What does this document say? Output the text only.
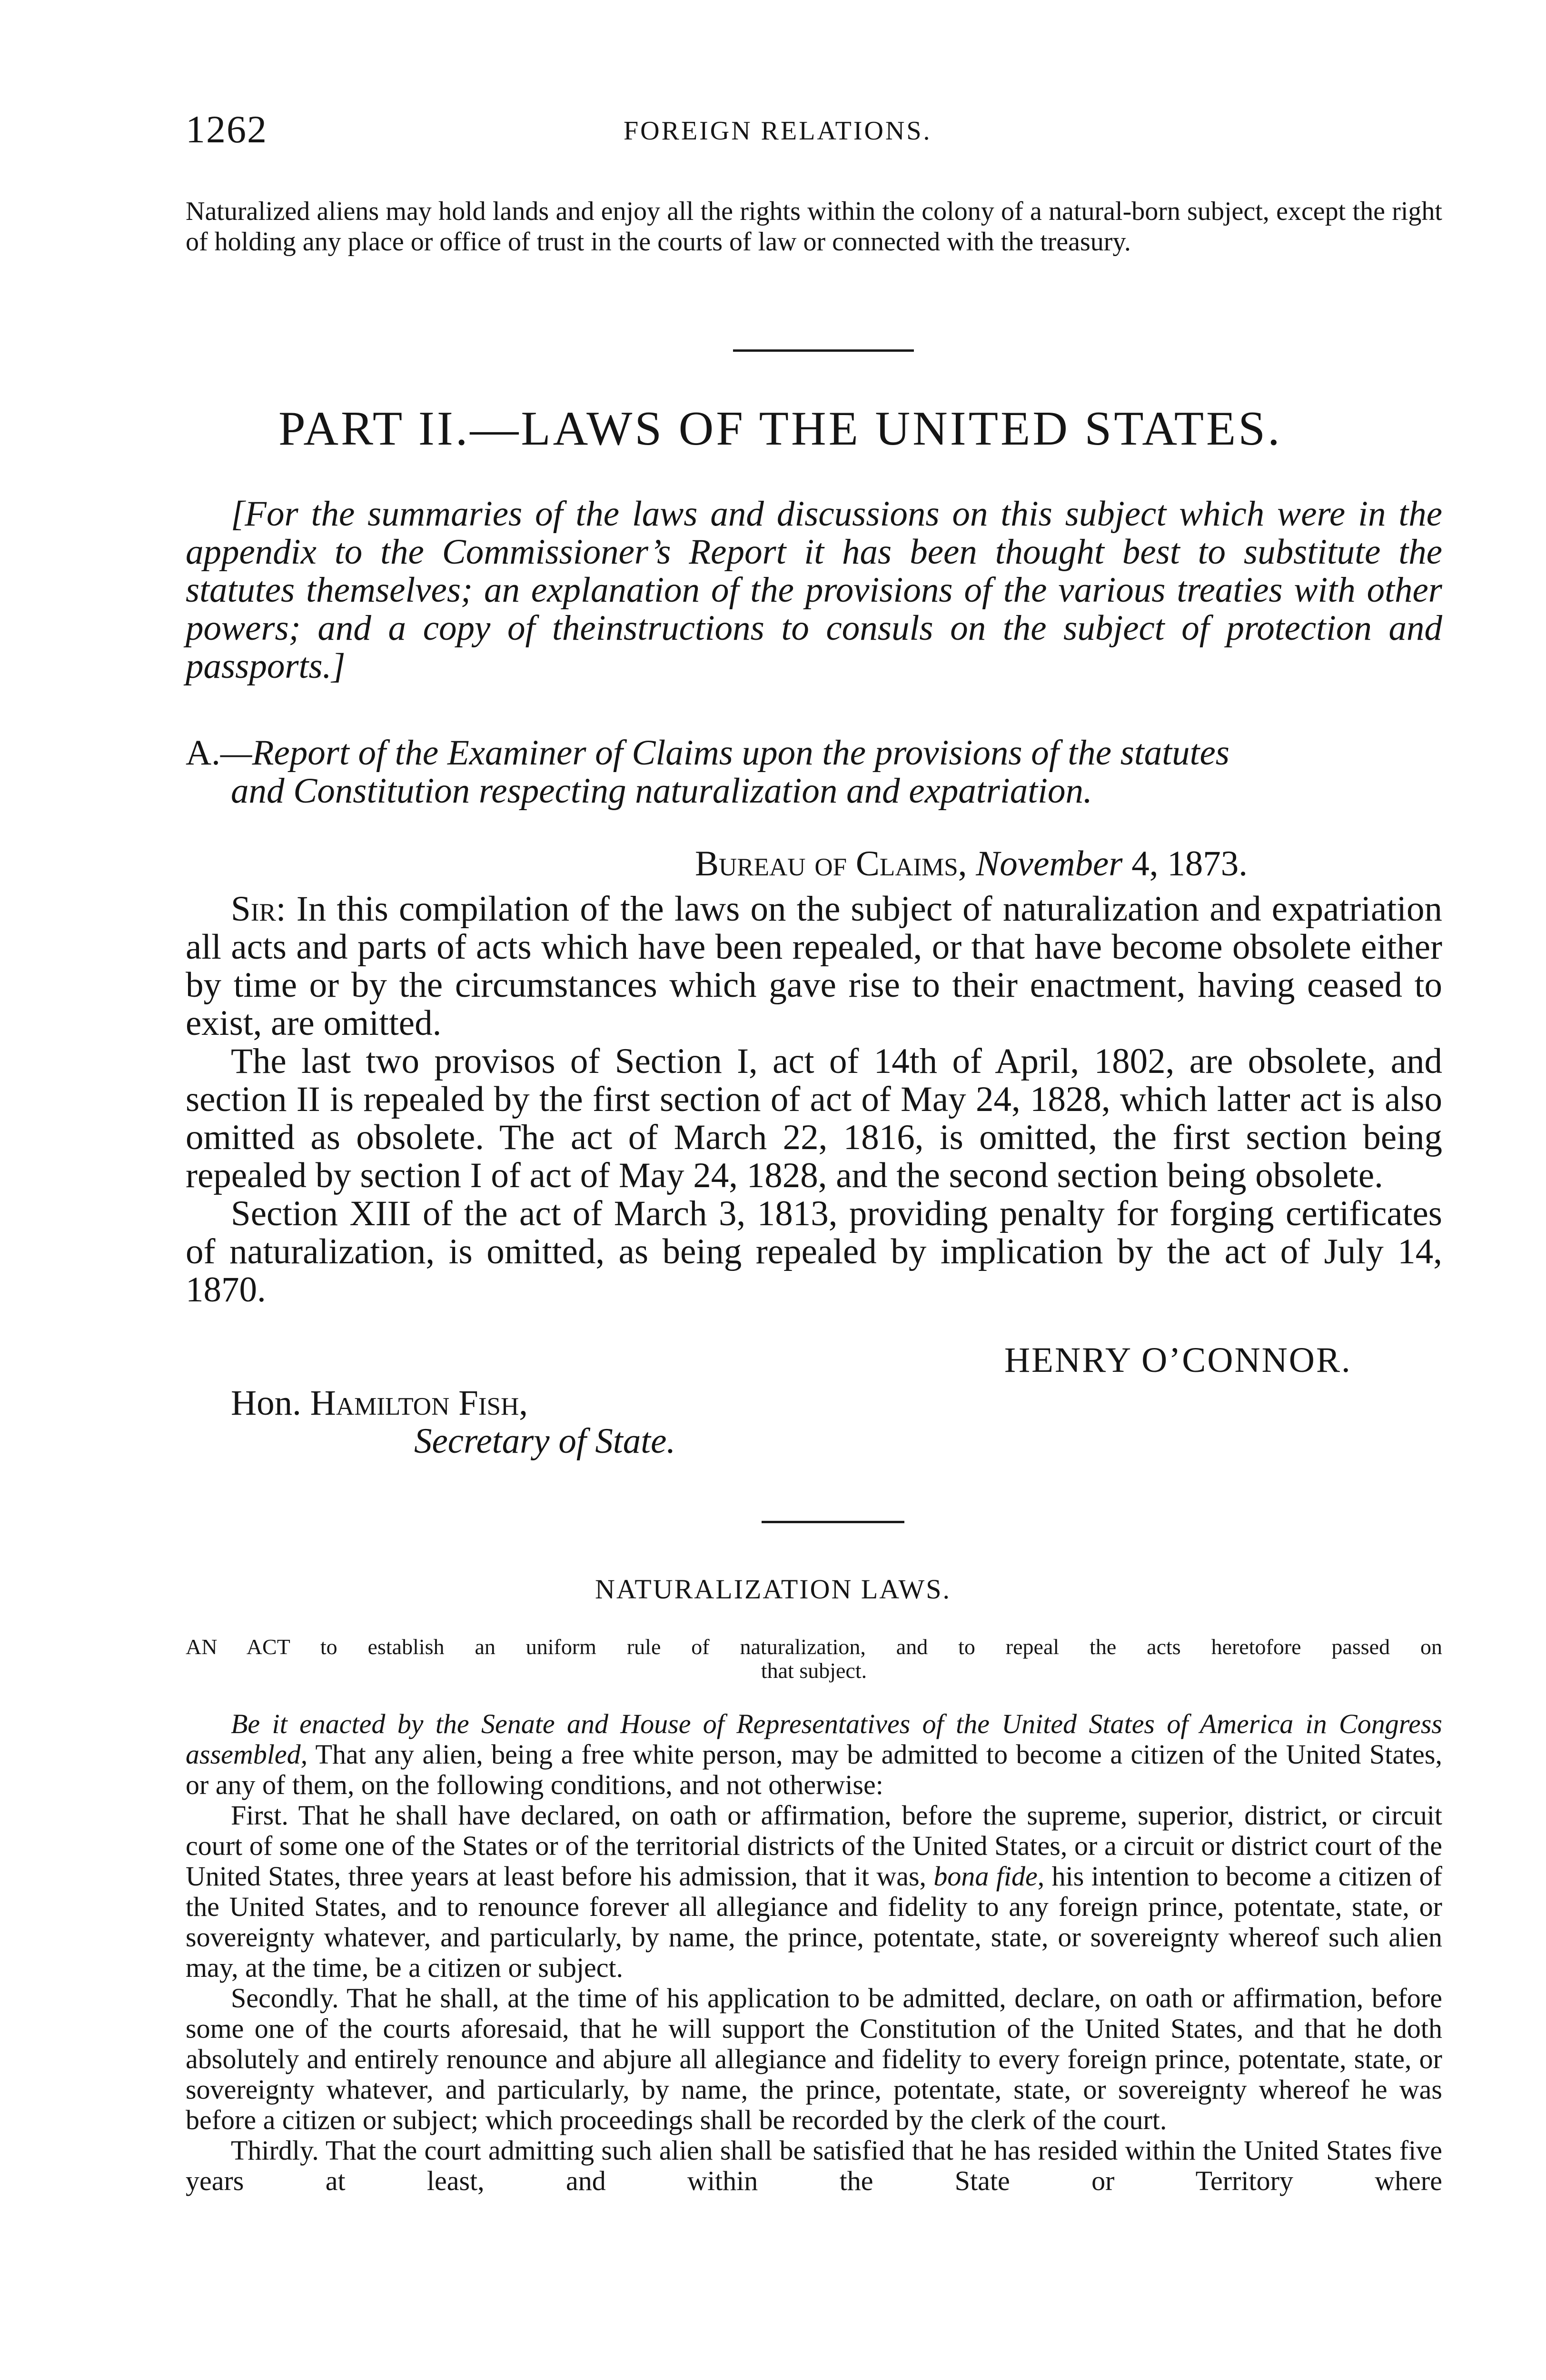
1262	FOREIGN RELATIONS.
Naturalized aliens may hold lands and enjoy all the rights within the colony of a natural-born subject, except the right of holding any place or office of trust in the courts of law or connected with the treasury.
PART II.—LAWS OF THE UNITED STATES.
[For the summaries of the laws and discussions on this subject which were in the appendix to the Commissioner’s Report it has been thought best to substitute the statutes themselves; an explanation of the provisions of the various treaties with other powers; and a copy of theinstructions to consuls on the subject of protection and passports.]
A.—Report of the Examiner of Claims upon the provisions of the statutes
and Constitution respecting naturalization and expatriation.
Bureau of Claims, November 4, 1873.

Sir: In this compilation of the laws on the subject of naturalization and expatriation all acts and parts of acts which have been repealed, or that have become obsolete either by time or by the circumstances which gave rise to their enactment, having ceased to exist, are omitted.

The last two provisos of Section I, act of 14th of April, 1802, are obsolete, and section II is repealed by the first section of act of May 24, 1828, which latter act is also omitted as obsolete. The act of March 22, 1816, is omitted, the first section being repealed by section I of act of May 24, 1828, and the second section being obsolete.

Section XIII of the act of March 3, 1813, providing penalty for forging certificates of naturalization, is omitted, as being repealed by implication by the act of July 14, 1870.

HENRY O’CONNOR.
Hon. Hamilton Fish,
Secretary of State.
NATURALIZATION LAWS.
AN ACT to establish an uniform rule of naturalization, and to repeal the acts heretofore passed on
that subject.

Be it enacted by the Senate and House of Representatives of the United States of America in Congress assembled, That any alien, being a free white person, may be admitted to become a citizen of the United States, or any of them, on the following conditions, and not otherwise:

First. That he shall have declared, on oath or affirmation, before the supreme, superior, district, or circuit court of some one of the States or of the territorial districts of the United States, or a circuit or district court of the United States, three years at least before his admission, that it was, bona fide, his intention to become a citizen of the United States, and to renounce forever all allegiance and fidelity to any foreign prince, potentate, state, or sovereignty whatever, and particularly, by name, the prince, potentate, state, or sovereignty whereof such alien may, at the time, be a citizen or subject.

Secondly. That he shall, at the time of his application to be admitted, declare, on oath or affirmation, before some one of the courts aforesaid, that he will support the Constitution of the United States, and that he doth absolutely and entirely renounce and abjure all allegiance and fidelity to every foreign prince, potentate, state, or sovereignty whatever, and particularly, by name, the prince, potentate, state, or sovereignty whereof he was before a citizen or subject; which proceedings shall be recorded by the clerk of the court.

Thirdly. That the court admitting such alien shall be satisfied that he has resided within the United States five years at least, and within the State or Territory where
